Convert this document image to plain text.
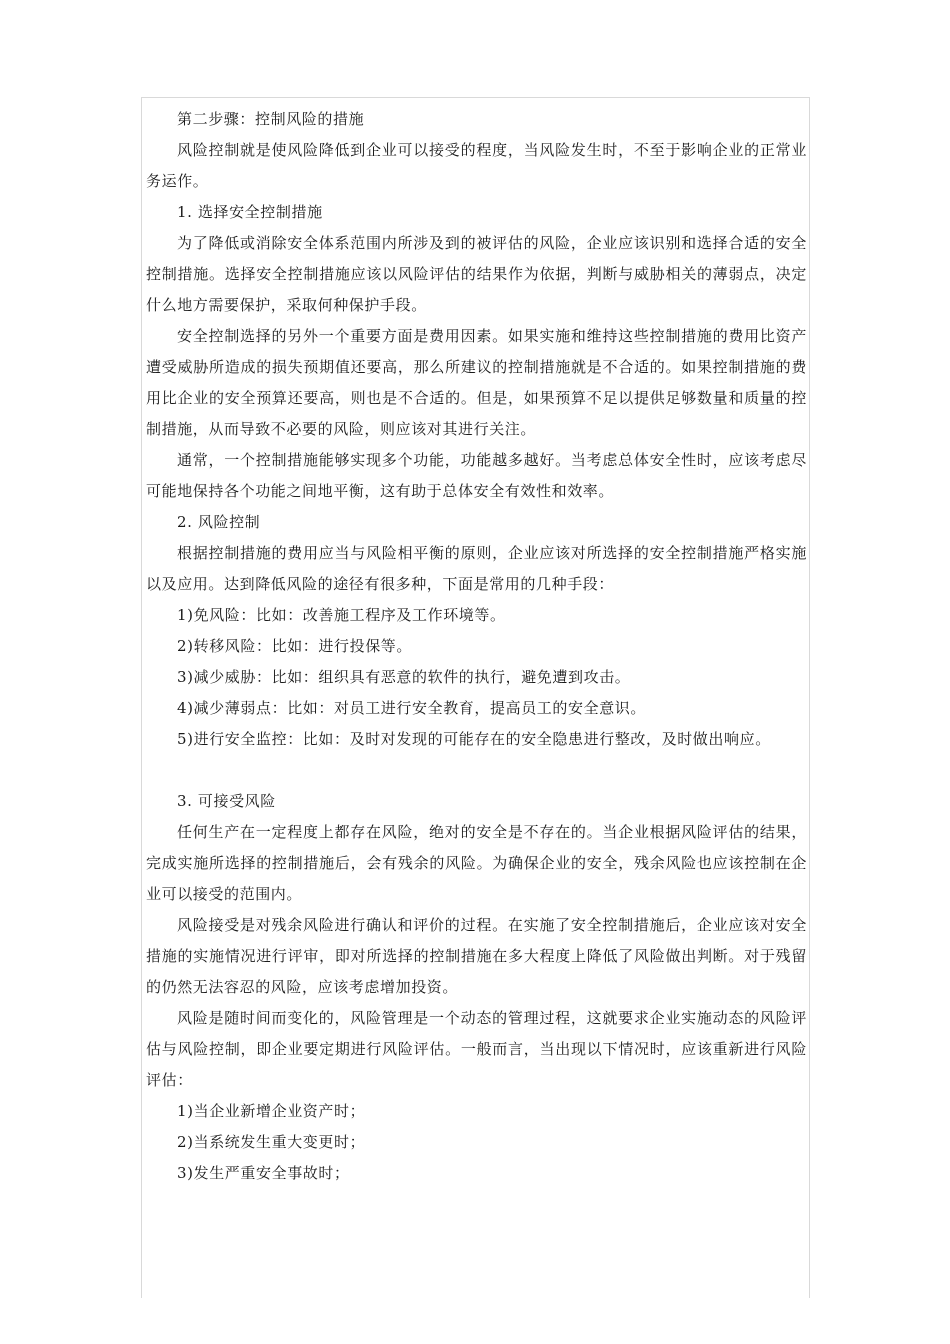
第二步骤：控制风险的措施

风险控制就是使风险降低到企业可以接受的程度，当风险发生时，不至于影响企业的正常业务运作。

1. 选择安全控制措施

为了降低或消除安全体系范围内所涉及到的被评估的风险，企业应该识别和选择合适的安全控制措施。选择安全控制措施应该以风险评估的结果作为依据，判断与威胁相关的薄弱点，决定什么地方需要保护，采取何种保护手段。

安全控制选择的另外一个重要方面是费用因素。如果实施和维持这些控制措施的费用比资产遭受威胁所造成的损失预期值还要高，那么所建议的控制措施就是不合适的。如果控制措施的费用比企业的安全预算还要高，则也是不合适的。但是，如果预算不足以提供足够数量和质量的控制措施，从而导致不必要的风险，则应该对其进行关注。

通常，一个控制措施能够实现多个功能，功能越多越好。当考虑总体安全性时，应该考虑尽可能地保持各个功能之间地平衡，这有助于总体安全有效性和效率。

2. 风险控制

根据控制措施的费用应当与风险相平衡的原则，企业应该对所选择的安全控制措施严格实施以及应用。达到降低风险的途径有很多种，下面是常用的几种手段：

1)免风险：比如：改善施工程序及工作环境等。

2)转移风险：比如：进行投保等。

3)减少威胁：比如：组织具有恶意的软件的执行，避免遭到攻击。

4)减少薄弱点：比如：对员工进行安全教育，提高员工的安全意识。

5)进行安全监控：比如：及时对发现的可能存在的安全隐患进行整改，及时做出响应。

3. 可接受风险

任何生产在一定程度上都存在风险，绝对的安全是不存在的。当企业根据风险评估的结果，完成实施所选择的控制措施后，会有残余的风险。为确保企业的安全，残余风险也应该控制在企业可以接受的范围内。

风险接受是对残余风险进行确认和评价的过程。在实施了安全控制措施后，企业应该对安全措施的实施情况进行评审，即对所选择的控制措施在多大程度上降低了风险做出判断。对于残留的仍然无法容忍的风险，应该考虑增加投资。

风险是随时间而变化的，风险管理是一个动态的管理过程，这就要求企业实施动态的风险评估与风险控制，即企业要定期进行风险评估。一般而言，当出现以下情况时，应该重新进行风险评估：

1)当企业新增企业资产时；

2)当系统发生重大变更时；

3)发生严重安全事故时；
